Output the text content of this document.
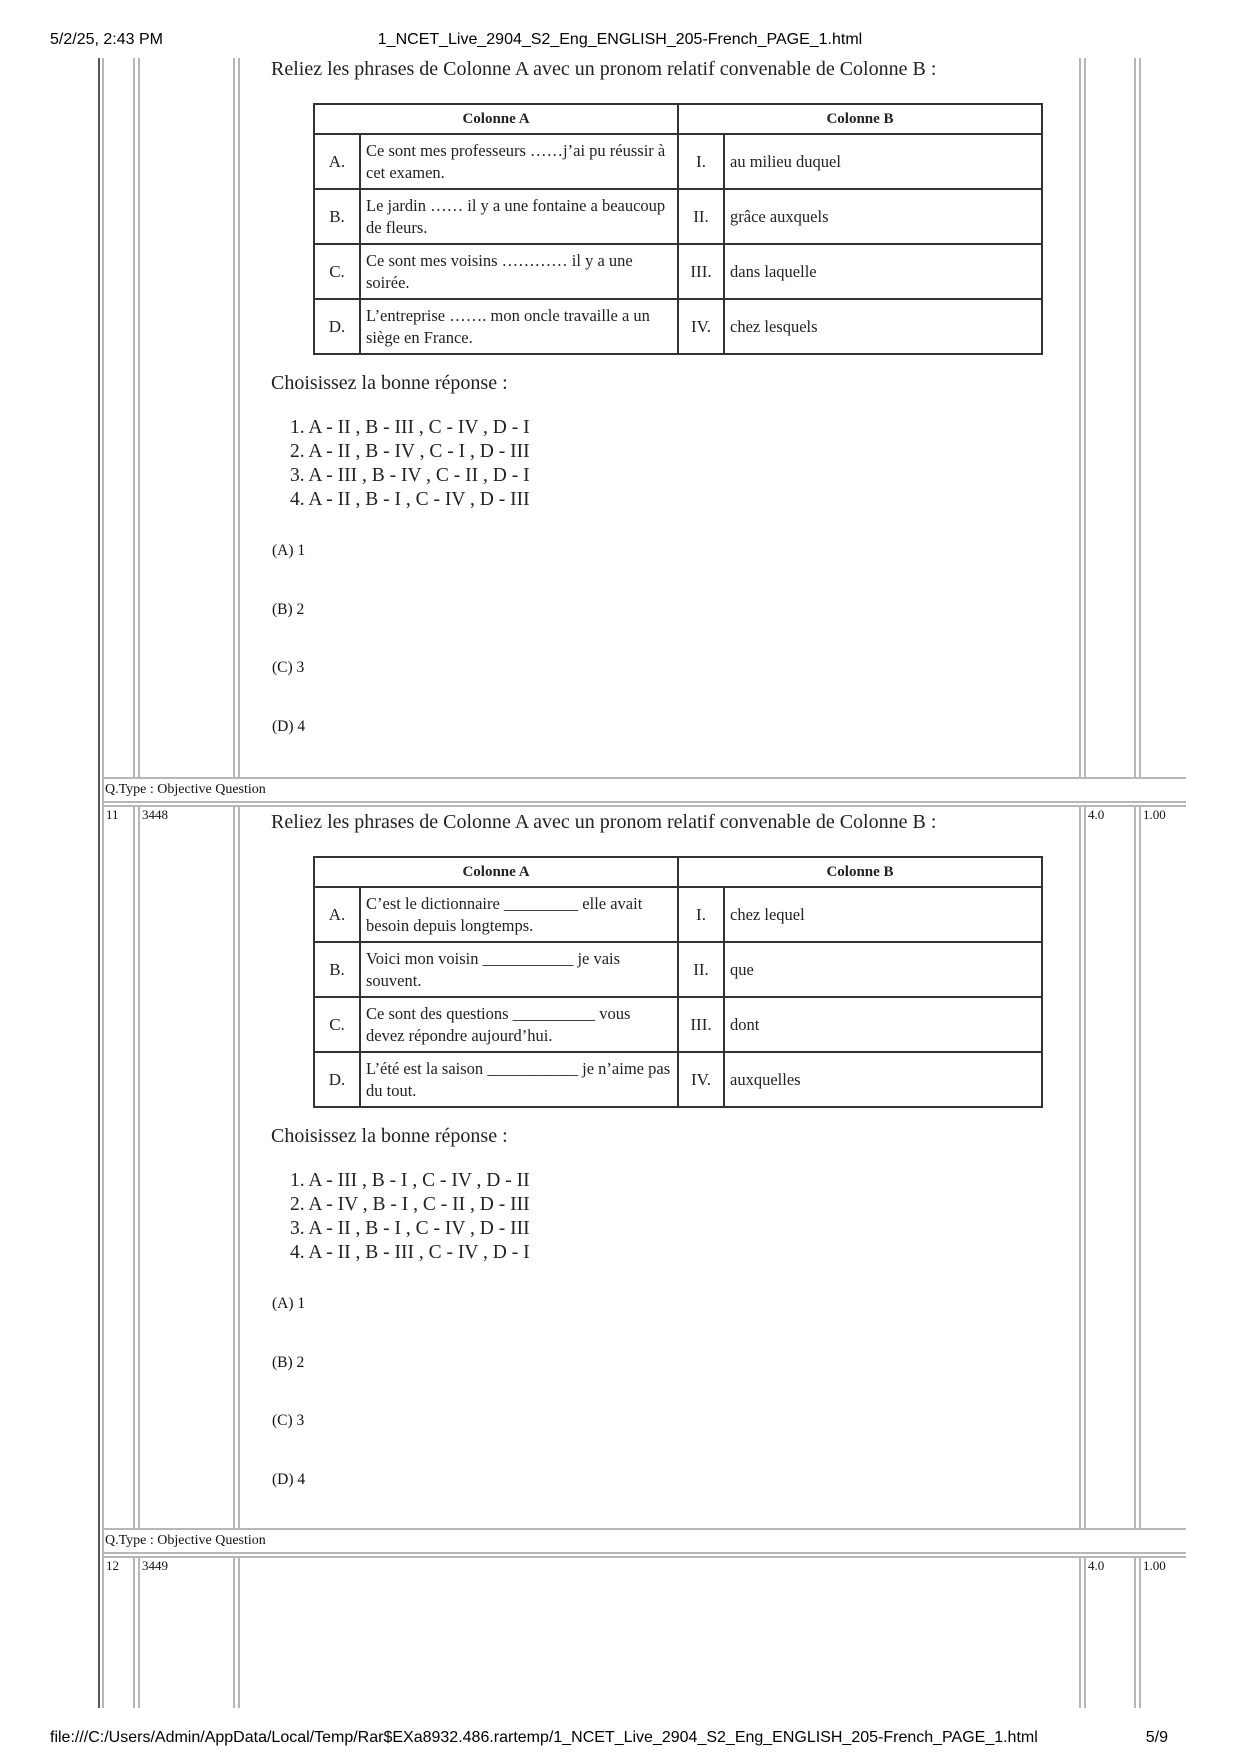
5/2/25, 2:43 PM	1_NCET_Live_2904_S2_Eng_ENGLISH_205-French_PAGE_1.html
Q.Type : Objective Question
11 3448	4.0	1.00
Q.Type : Objective Question
12 3449	4.0	1.00
Reliez les phrases de Colonne A avec un pronom relatif convenable de Colonne B :
Colonne A		Colonne B	
A.	Ce sont mes professeurs ……j’ai pu réussir à cet examen.	I.	au milieu duquel
B.	Le jardin …… il y a une fontaine a beaucoup de fleurs.	II.	grâce auxquels
C.	Ce sont mes voisins ………… il y a une soirée.	III.	dans laquelle
D.	L’entreprise ……. mon oncle travaille a un siège en France.	IV.	chez lesquels
Choisissez la bonne réponse :
1. A - II , B - III , C - IV , D - I
2. A - II , B - IV , C - I , D - III
3. A - III , B - IV , C - II , D - I
4. A - II , B - I , C - IV , D - III
(A) 1
(B) 2
(C) 3
(D) 4
Reliez les phrases de Colonne A avec un pronom relatif convenable de Colonne B :
Colonne A		Colonne B	
A.	C’est le dictionnaire _________ elle avait besoin depuis longtemps.	I.	chez lequel
B.	Voici mon voisin ___________ je vais souvent.	II.	que
C.	Ce sont des questions __________ vous devez répondre aujourd’hui.	III.	dont
D.	L’été est la saison ___________ je n’aime pas du tout.	IV.	auxquelles
Choisissez la bonne réponse :
1. A - III , B - I , C - IV , D - II
2. A - IV , B - I , C - II , D - III
3. A - II , B - I , C - IV , D - III
4. A - II , B - III , C - IV , D - I
(A) 1
(B) 2
(C) 3
(D) 4
file:///C:/Users/Admin/AppData/Local/Temp/Rar$EXa8932.486.rartemp/1_NCET_Live_2904_S2_Eng_ENGLISH_205-French_PAGE_1.html	5/9
